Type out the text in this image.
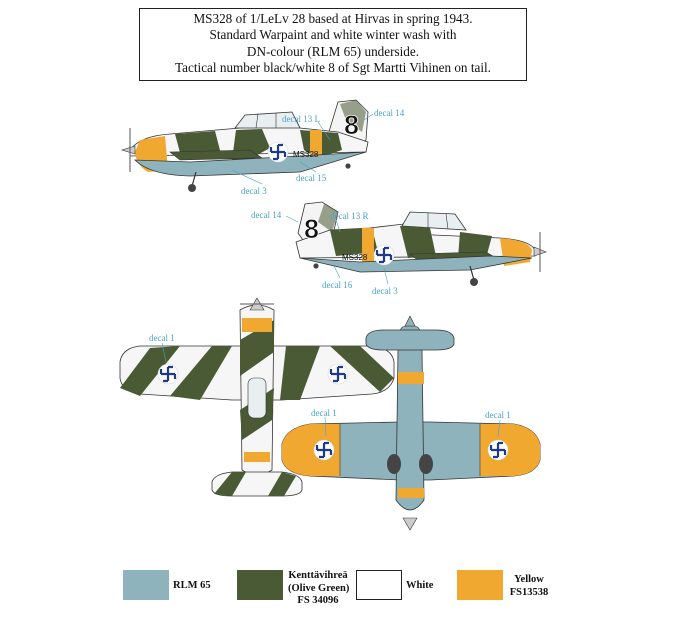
MS328 of 1/LeLv 28 based at Hirvas in spring 1943.
Standard Warpaint and white winter wash with
DN-colour (RLM 65) underside.
Tactical number black/white 8 of Sgt Martti Vihinen on tail.
MS328
8
decal 13 L
decal 14
decal 3
decal 15
MS328
8
decal 14	decal 13 R
decal 16
decal 3
decal 1
decal 1	decal 1
RLM 65
Kenttävihreä
(Olive Green)
FS 34096
White
Yellow
FS13538
